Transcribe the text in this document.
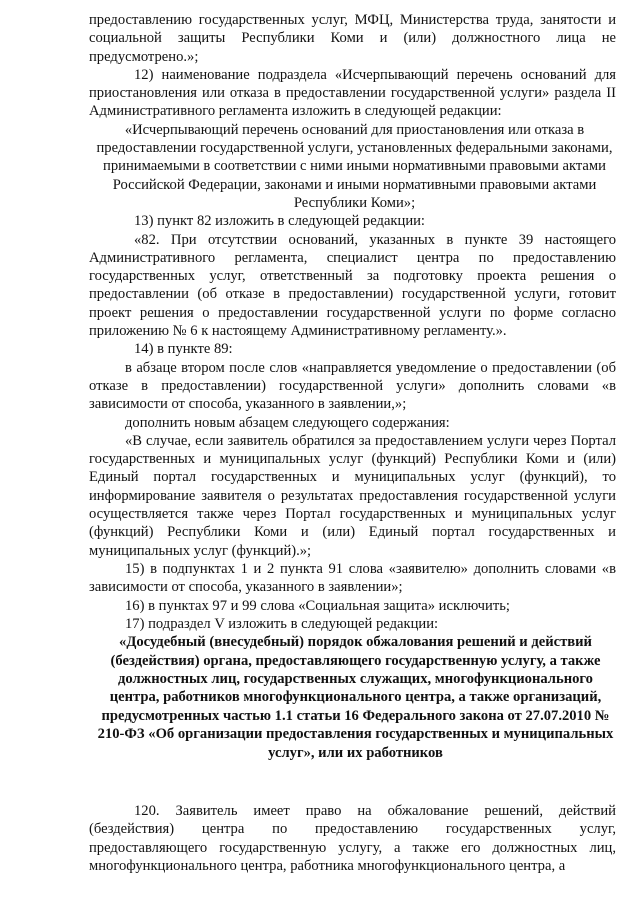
предоставлению государственных услуг, МФЦ, Министерства труда, занятости и социальной защиты Республики Коми и (или) должностного лица не предусмотрено.»;

12) наименование подраздела «Исчерпывающий перечень оснований для приостановления или отказа в предоставлении государственной услуги» раздела II Административного регламента изложить в следующей редакции:

«Исчерпывающий перечень оснований для приостановления или отказа в предоставлении государственной услуги, установленных федеральными законами, принимаемыми в соответствии с ними иными нормативными правовыми актами Российской Федерации, законами и иными нормативными правовыми актами Республики Коми»;

13) пункт 82 изложить в следующей редакции:

«82. При отсутствии оснований, указанных в пункте 39 настоящего Административного регламента, специалист центра по предоставлению государственных услуг, ответственный за подготовку проекта решения о предоставлении (об отказе в предоставлении) государственной услуги, готовит проект решения о предоставлении государственной услуги по форме согласно приложению № 6 к настоящему Административному регламенту.».

14) в пункте 89:

в абзаце втором после слов «направляется уведомление о предоставлении (об отказе в предоставлении) государственной услуги» дополнить словами «в зависимости от способа, указанного в заявлении,»;

дополнить новым абзацем следующего содержания:

«В случае, если заявитель обратился за предоставлением услуги через Портал государственных и муниципальных услуг (функций) Республики Коми и (или) Единый портал государственных и муниципальных услуг (функций), то информирование заявителя о результатах предоставления государственной услуги осуществляется также через Портал государственных и муниципальных услуг (функций) Республики Коми и (или) Единый портал государственных и муниципальных услуг (функций).»;

15) в подпунктах 1 и 2 пункта 91 слова «заявителю» дополнить словами «в зависимости от способа, указанного в заявлении»;

16) в пунктах 97 и 99 слова «Социальная защита» исключить;

17) подраздел V изложить в следующей редакции:

«Досудебный (внесудебный) порядок обжалования решений и действий (бездействия) органа, предоставляющего государственную услугу, а также должностных лиц, государственных служащих, многофункционального центра, работников многофункционального центра, а также организаций, предусмотренных частью 1.1 статьи 16 Федерального закона от 27.07.2010 № 210-ФЗ «Об организации предоставления государственных и муниципальных услуг», или их работников

120. Заявитель имеет право на обжалование решений, действий (бездействия) центра по предоставлению государственных услуг, предоставляющего государственную услугу, а также его должностных лиц, многофункционального центра, работника многофункционального центра, а
